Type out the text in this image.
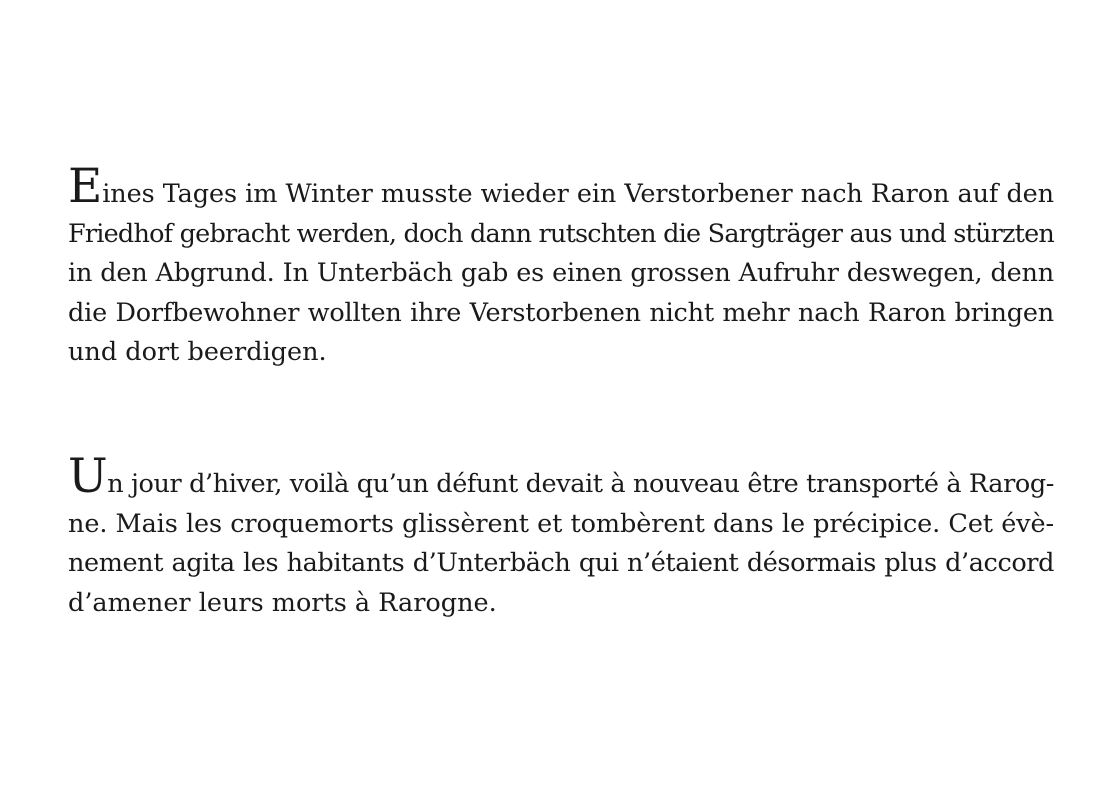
Eines Tages im Winter musste wieder ein Verstorbener nach Raron auf den
Friedhof gebracht werden, doch dann rutschten die Sargträger aus und stürzten
in den Abgrund. In Unterbäch gab es einen grossen Aufruhr deswegen, denn
die Dorfbewohner wollten ihre Verstorbenen nicht mehr nach Raron bringen
und dort beerdigen.

Un jour d’hiver, voilà qu’un défunt devait à nouveau être transporté à Rarog-
ne. Mais les croquemorts glissèrent et tombèrent dans le précipice. Cet évè-
nement agita les habitants d’Unterbäch qui n’étaient désormais plus d’accord
d’amener leurs morts à Rarogne.
